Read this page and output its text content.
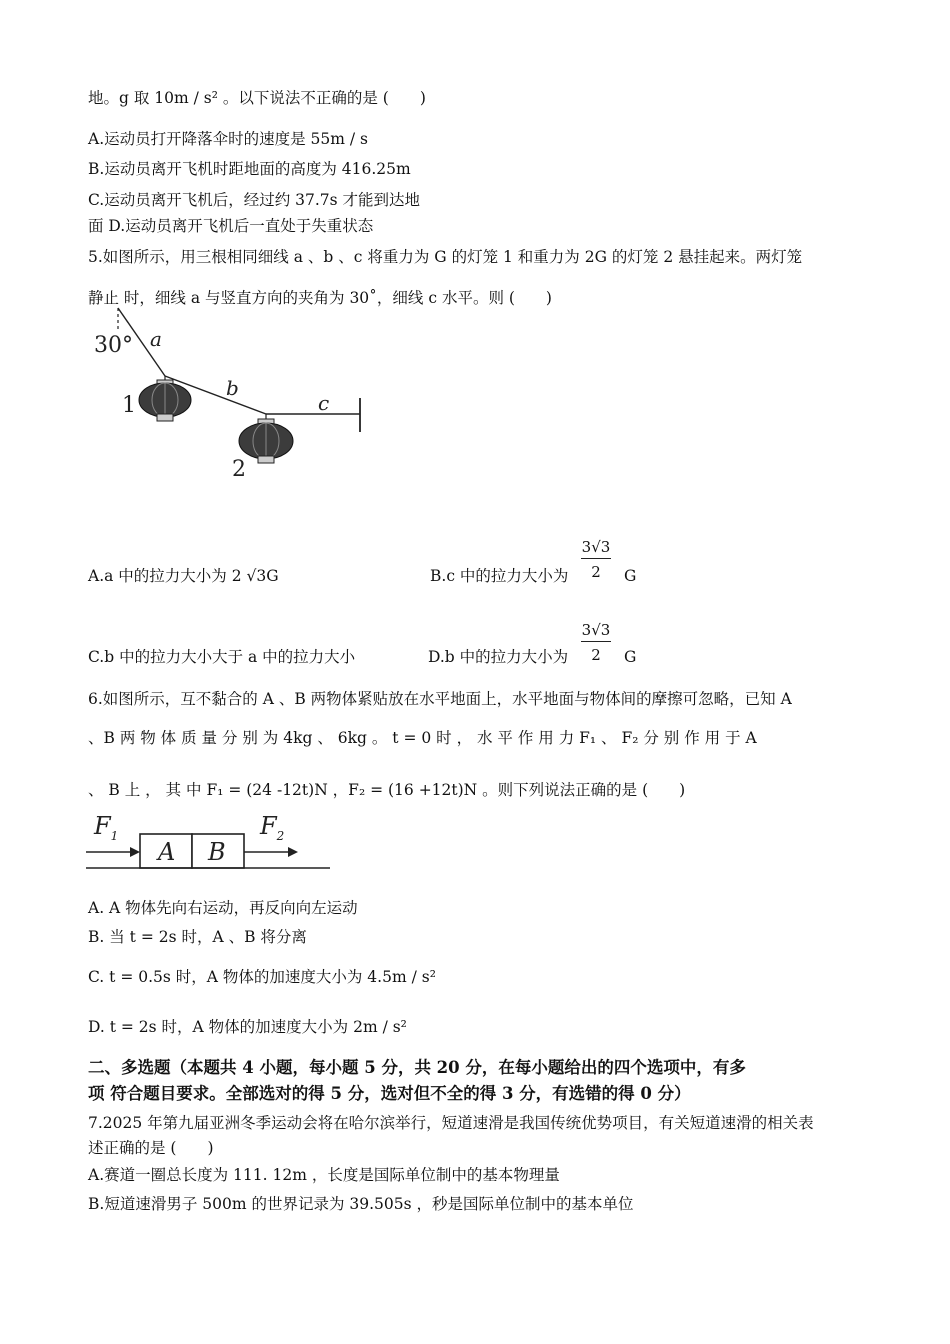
地。g 取 10m / s² 。以下说法不正确的是 (　　)
A.运动员打开降落伞时的速度是 55m / s
B.运动员离开飞机时距地面的高度为 416.25m
C.运动员离开飞机后，经过约 37.7s 才能到达地
面 D.运动员离开飞机后一直处于失重状态
5.如图所示，用三根相同细线 a 、b 、c 将重力为 G 的灯笼 1 和重力为 2G 的灯笼 2 悬挂起来。两灯笼
静止 时，细线 a 与竖直方向的夹角为 30˚，细线 c 水平。则 (　　)
30° a
b
c
1
2
A.a 中的拉力大小为 2 √3G	B.c 中的拉力大小为
3√3
2	G
C.b 中的拉力大小大于 a 中的拉力大小	D.b 中的拉力大小为
3√3
2	G
6.如图所示，互不黏合的 A 、B 两物体紧贴放在水平地面上，水平地面与物体间的摩擦可忽略，已知 A
、B 两 物 体 质 量 分 别 为 4kg 、 6kg 。 t = 0 时 ， 水 平 作 用 力 F₁ 、 F₂ 分 别 作 用 于 A
、 B 上 ， 其 中 F₁ = (24 -12t)N ，F₂ = (16 +12t)N 。则下列说法正确的是 (　　)
$F_1$
A B
$F_2$
A. A 物体先向右运动，再反向向左运动
B. 当 t = 2s 时，A 、B 将分离
C. t = 0.5s 时，A 物体的加速度大小为 4.5m / s²
D. t = 2s 时，A 物体的加速度大小为 2m / s²
二、多选题（本题共 4 小题，每小题 5 分，共 20 分，在每小题给出的四个选项中，有多
项 符合题目要求。全部选对的得 5 分，选对但不全的得 3 分，有选错的得 0 分）
7.2025 年第九届亚洲冬季运动会将在哈尔滨举行，短道速滑是我国传统优势项目，有关短道速滑的相关表
述正确的是 (　　)
A.赛道一圈总长度为 111. 12m ，长度是国际单位制中的基本物理量
B.短道速滑男子 500m 的世界记录为 39.505s ，秒是国际单位制中的基本单位
